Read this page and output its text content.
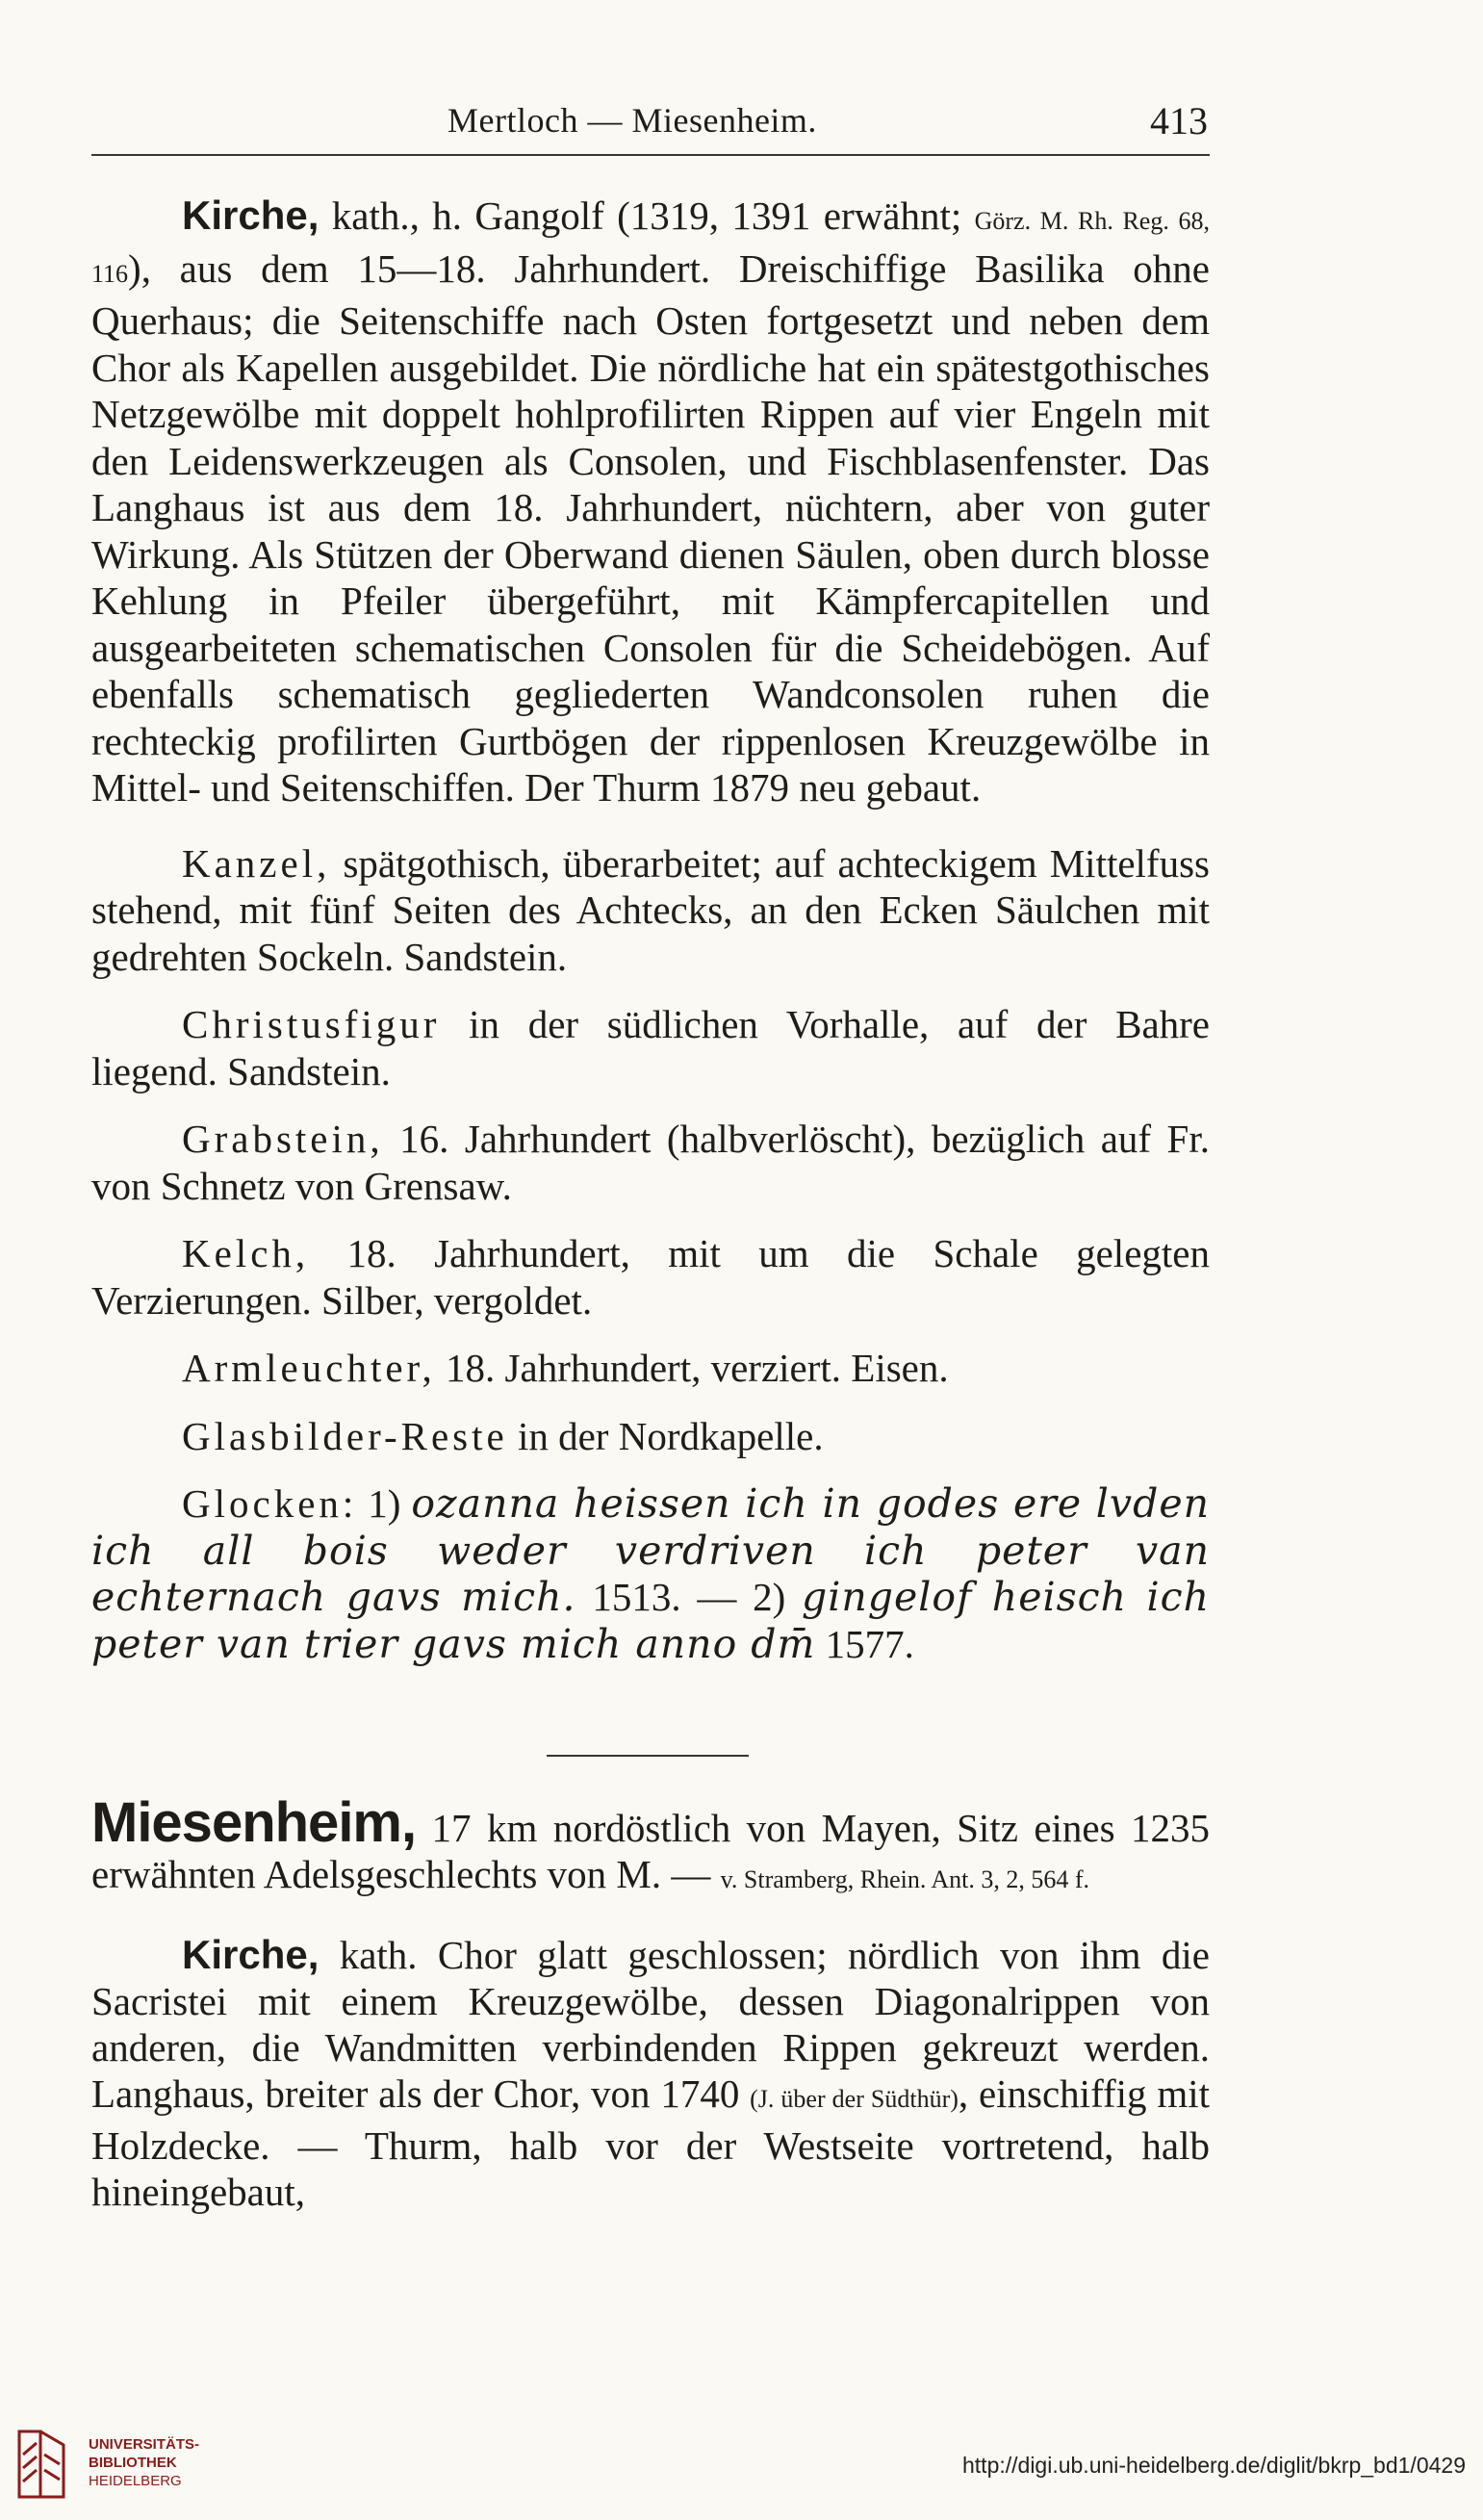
Mertloch — Miesenheim.	413

Kirche, kath., h. Gangolf (1319, 1391 erwähnt; Görz. M. Rh. Reg. 68, 116), aus dem 15—18. Jahrhundert. Dreischiffige Basilika ohne Querhaus; die Seitenschiffe nach Osten fortgesetzt und neben dem Chor als Kapellen ausgebildet. Die nördliche hat ein spätestgothisches Netzgewölbe mit doppelt hohlprofilirten Rippen auf vier Engeln mit den Leidenswerkzeugen als Consolen, und Fischblasenfenster. Das Langhaus ist aus dem 18. Jahrhundert, nüchtern, aber von guter Wirkung. Als Stützen der Oberwand dienen Säulen, oben durch blosse Kehlung in Pfeiler übergeführt, mit Kämpfercapitellen und ausgearbeiteten schematischen Consolen für die Scheidebögen. Auf ebenfalls schematisch gegliederten Wandconsolen ruhen die rechteckig profilirten Gurtbögen der rippenlosen Kreuzgewölbe in Mittel- und Seitenschiffen. Der Thurm 1879 neu gebaut.

Kanzel, spätgothisch, überarbeitet; auf achteckigem Mittelfuss stehend, mit fünf Seiten des Achtecks, an den Ecken Säulchen mit gedrehten Sockeln. Sandstein.

Christusfigur in der südlichen Vorhalle, auf der Bahre liegend. Sandstein.

Grabstein, 16. Jahrhundert (halbverlöscht), bezüglich auf Fr. von Schnetz von Grensaw.

Kelch, 18. Jahrhundert, mit um die Schale gelegten Verzierungen. Silber, vergoldet.

Armleuchter, 18. Jahrhundert, verziert. Eisen.

Glasbilder-Reste in der Nordkapelle.

Glocken: 1) ozanna heissen ich in godes ere lvden ich all bois weder verdriven ich peter van echternach gavs mich. 1513. — 2) gingelof heisch ich peter van trier gavs mich anno dm̄ 1577.

Miesenheim, 17 km nordöstlich von Mayen, Sitz eines 1235 erwähnten Adelsgeschlechts von M. — v. Stramberg, Rhein. Ant. 3, 2, 564 f.

Kirche, kath. Chor glatt geschlossen; nördlich von ihm die Sacristei mit einem Kreuzgewölbe, dessen Diagonalrippen von anderen, die Wandmitten verbindenden Rippen gekreuzt werden. Langhaus, breiter als der Chor, von 1740 (J. über der Südthür), einschiffig mit Holzdecke. — Thurm, halb vor der Westseite vortretend, halb hineingebaut,

UNIVERSITÄTS-
BIBLIOTHEK
HEIDELBERG
http://digi.ub.uni-heidelberg.de/diglit/bkrp_bd1/0429
